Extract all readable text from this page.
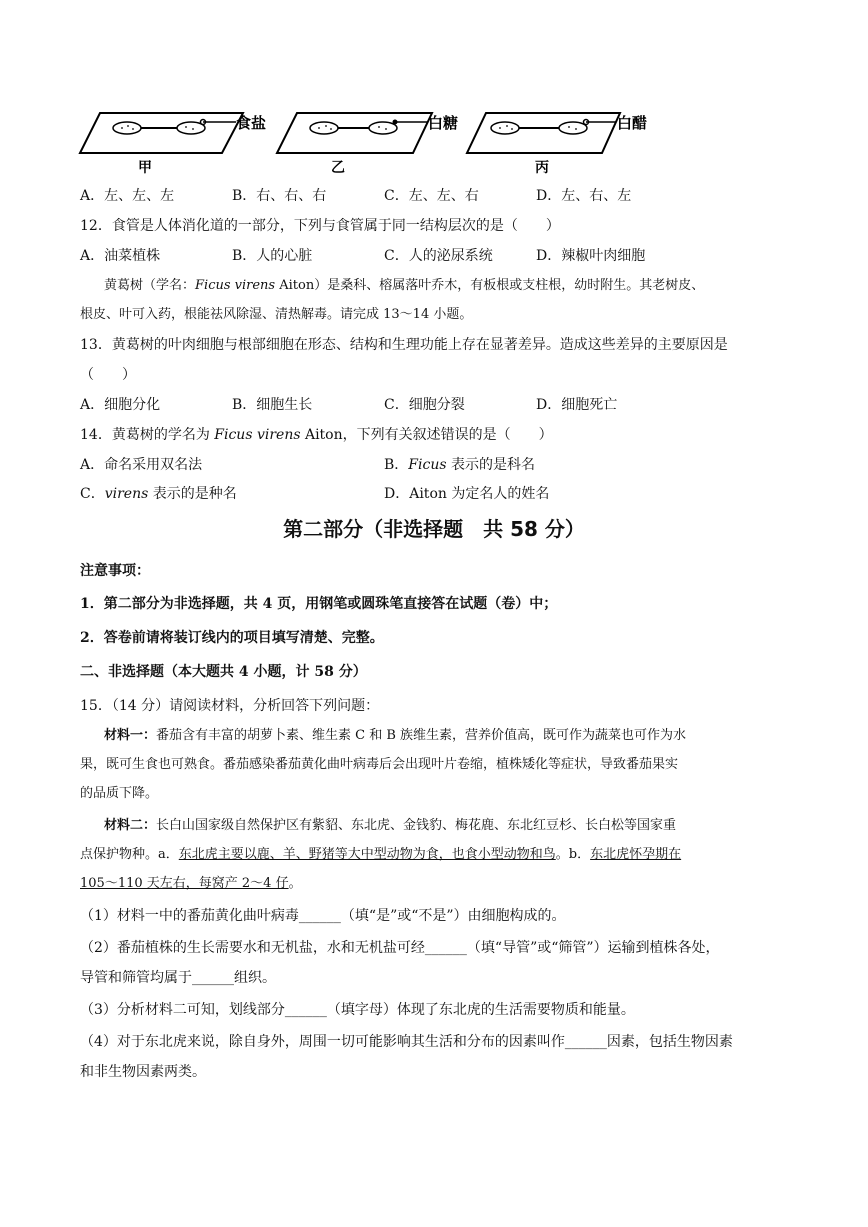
食盐
甲
白糖
乙
白醋
丙
A．左、左、左	B．右、右、右	C．左、左、右	D．左、右、左
12．食管是人体消化道的一部分，下列与食管属于同一结构层次的是（　　）
A．油菜植株	B．人的心脏	C．人的泌尿系统	D．辣椒叶肉细胞
黄葛树（学名：Ficus virens Aiton）是桑科、榕属落叶乔木，有板根或支柱根，幼时附生。其老树皮、
根皮、叶可入药，根能祛风除湿、清热解毒。请完成 13～14 小题。
13．黄葛树的叶肉细胞与根部细胞在形态、结构和生理功能上存在显著差异。造成这些差异的主要原因是
（　　）
A．细胞分化	B．细胞生长	C．细胞分裂	D．细胞死亡
14．黄葛树的学名为 Ficus virens Aiton，下列有关叙述错误的是（　　）
A．命名采用双名法	B．Ficus 表示的是科名
C．virens 表示的是种名	D．Aiton 为定名人的姓名
第二部分（非选择题　共 58 分）
注意事项：
1．第二部分为非选择题，共 4 页，用钢笔或圆珠笔直接答在试题（卷）中；
2．答卷前请将装订线内的项目填写清楚、完整。
二、非选择题（本大题共 4 小题，计 58 分）
15．（14 分）请阅读材料，分析回答下列问题：
材料一：番茄含有丰富的胡萝卜素、维生素 C 和 B 族维生素，营养价值高，既可作为蔬菜也可作为水
果，既可生食也可熟食。番茄感染番茄黄化曲叶病毒后会出现叶片卷缩，植株矮化等症状，导致番茄果实
的品质下降。
材料二：长白山国家级自然保护区有紫貂、东北虎、金钱豹、梅花鹿、东北红豆杉、长白松等国家重
点保护物种。a．东北虎主要以鹿、羊、野猪等大中型动物为食，也食小型动物和鸟。b．东北虎怀孕期在
105～110 天左右，每窝产 2～4 仔。
（1）材料一中的番茄黄化曲叶病毒______（填“是”或“不是”）由细胞构成的。
（2）番茄植株的生长需要水和无机盐，水和无机盐可经______（填“导管”或“筛管”）运输到植株各处，
导管和筛管均属于______组织。
（3）分析材料二可知，划线部分______（填字母）体现了东北虎的生活需要物质和能量。
（4）对于东北虎来说，除自身外，周围一切可能影响其生活和分布的因素叫作______因素，包括生物因素
和非生物因素两类。
